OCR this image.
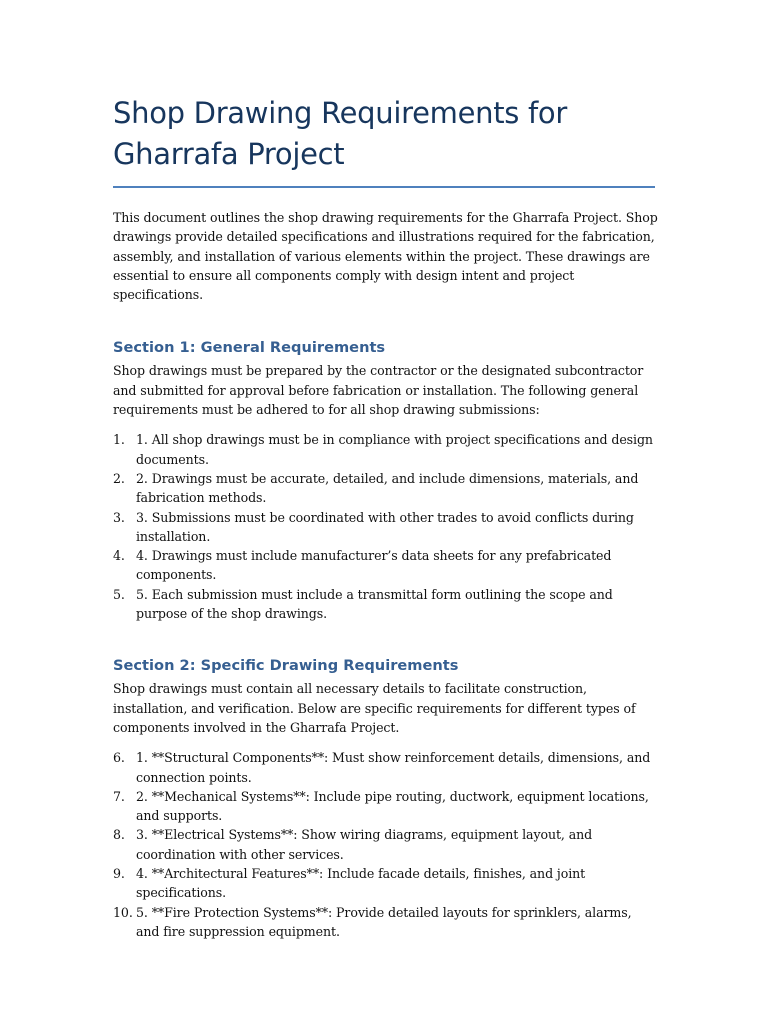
Shop Drawing Requirements for Gharrafa Project

This document outlines the shop drawing requirements for the Gharrafa Project. Shop drawings provide detailed specifications and illustrations required for the fabrication, assembly, and installation of various elements within the project. These drawings are essential to ensure all components comply with design intent and project specifications.

Section 1: General Requirements

Shop drawings must be prepared by the contractor or the designated subcontractor and submitted for approval before fabrication or installation. The following general requirements must be adhered to for all shop drawing submissions:

1. 1. All shop drawings must be in compliance with project specifications and design documents.
2. 2. Drawings must be accurate, detailed, and include dimensions, materials, and fabrication methods.
3. 3. Submissions must be coordinated with other trades to avoid conflicts during installation.
4. 4. Drawings must include manufacturer’s data sheets for any prefabricated components.
5. 5. Each submission must include a transmittal form outlining the scope and purpose of the shop drawings.
Section 2: Specific Drawing Requirements

Shop drawings must contain all necessary details to facilitate construction, installation, and verification. Below are specific requirements for different types of components involved in the Gharrafa Project.

6. 1. **Structural Components**: Must show reinforcement details, dimensions, and connection points.
7. 2. **Mechanical Systems**: Include pipe routing, ductwork, equipment locations, and supports.
8. 3. **Electrical Systems**: Show wiring diagrams, equipment layout, and coordination with other services.
9. 4. **Architectural Features**: Include facade details, finishes, and joint specifications.
10. 5. **Fire Protection Systems**: Provide detailed layouts for sprinklers, alarms, and fire suppression equipment.
